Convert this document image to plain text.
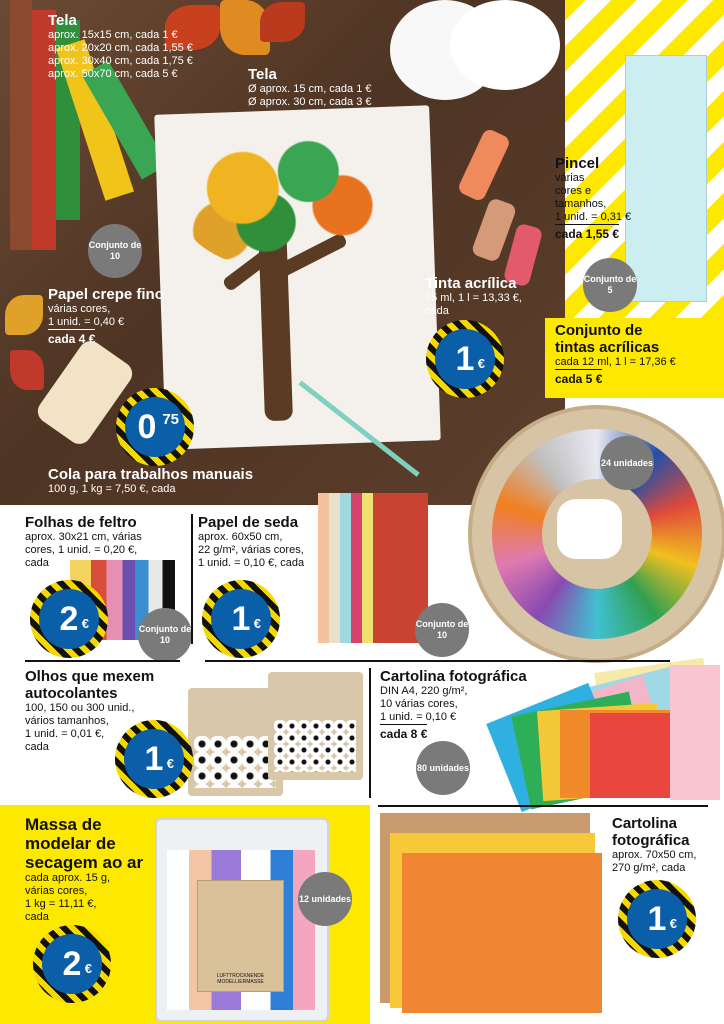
Tela
aprox. 15x15 cm, cada 1 €
aprox. 20x20 cm, cada 1,55 €
aprox. 30x40 cm, cada 1,75 €
aprox. 50x70 cm, cada 5 €	Tela
Ø aprox. 15 cm, cada 1 €
Ø aprox. 30 cm, cada 3 €
Pincel
várias
cores e
tamanhos,
1 unid. = 0,31 €
cada 1,55 €
Conjunto de 5
Conjunto de 10
Papel crepe fino
várias cores,
1 unid. = 0,40 €
cada 4 €
Tinta acrílica
75 ml, 1 l = 13,33 €,
cada
1 €
Conjunto de tintas acrílicas
cada 12 ml, 1 l = 17,36 €
cada 5 €
24 unidades
0 75
Cola para trabalhos manuais
100 g, 1 kg = 7,50 €, cada
Folhas de feltro
aprox. 30x21 cm, várias
cores, 1 unid. = 0,20 €,
cada
2 €	Conjunto de 10
Papel de seda
aprox. 60x50 cm,
22 g/m², várias cores,
1 unid. = 0,10 €, cada
1 €	Conjunto de 10
Olhos que mexem
autocolantes
100, 150 ou 300 unid.,
vários tamanhos,
1 unid. = 0,01 €,
cada	1 €
Cartolina fotográfica
DIN A4, 220 g/m²,
10 várias cores,
1 unid. = 0,10 €
cada 8 €
80 unidades
Massa de
modelar de
secagem ao ar
cada aprox. 15 g,
várias cores,
1 kg = 11,11 €,
cada
LUFTTROCKNENDE MODELLIERMASSE
12 unidades
2 €
Cartolina
fotográfica
aprox. 70x50 cm,
270 g/m², cada
1 €
